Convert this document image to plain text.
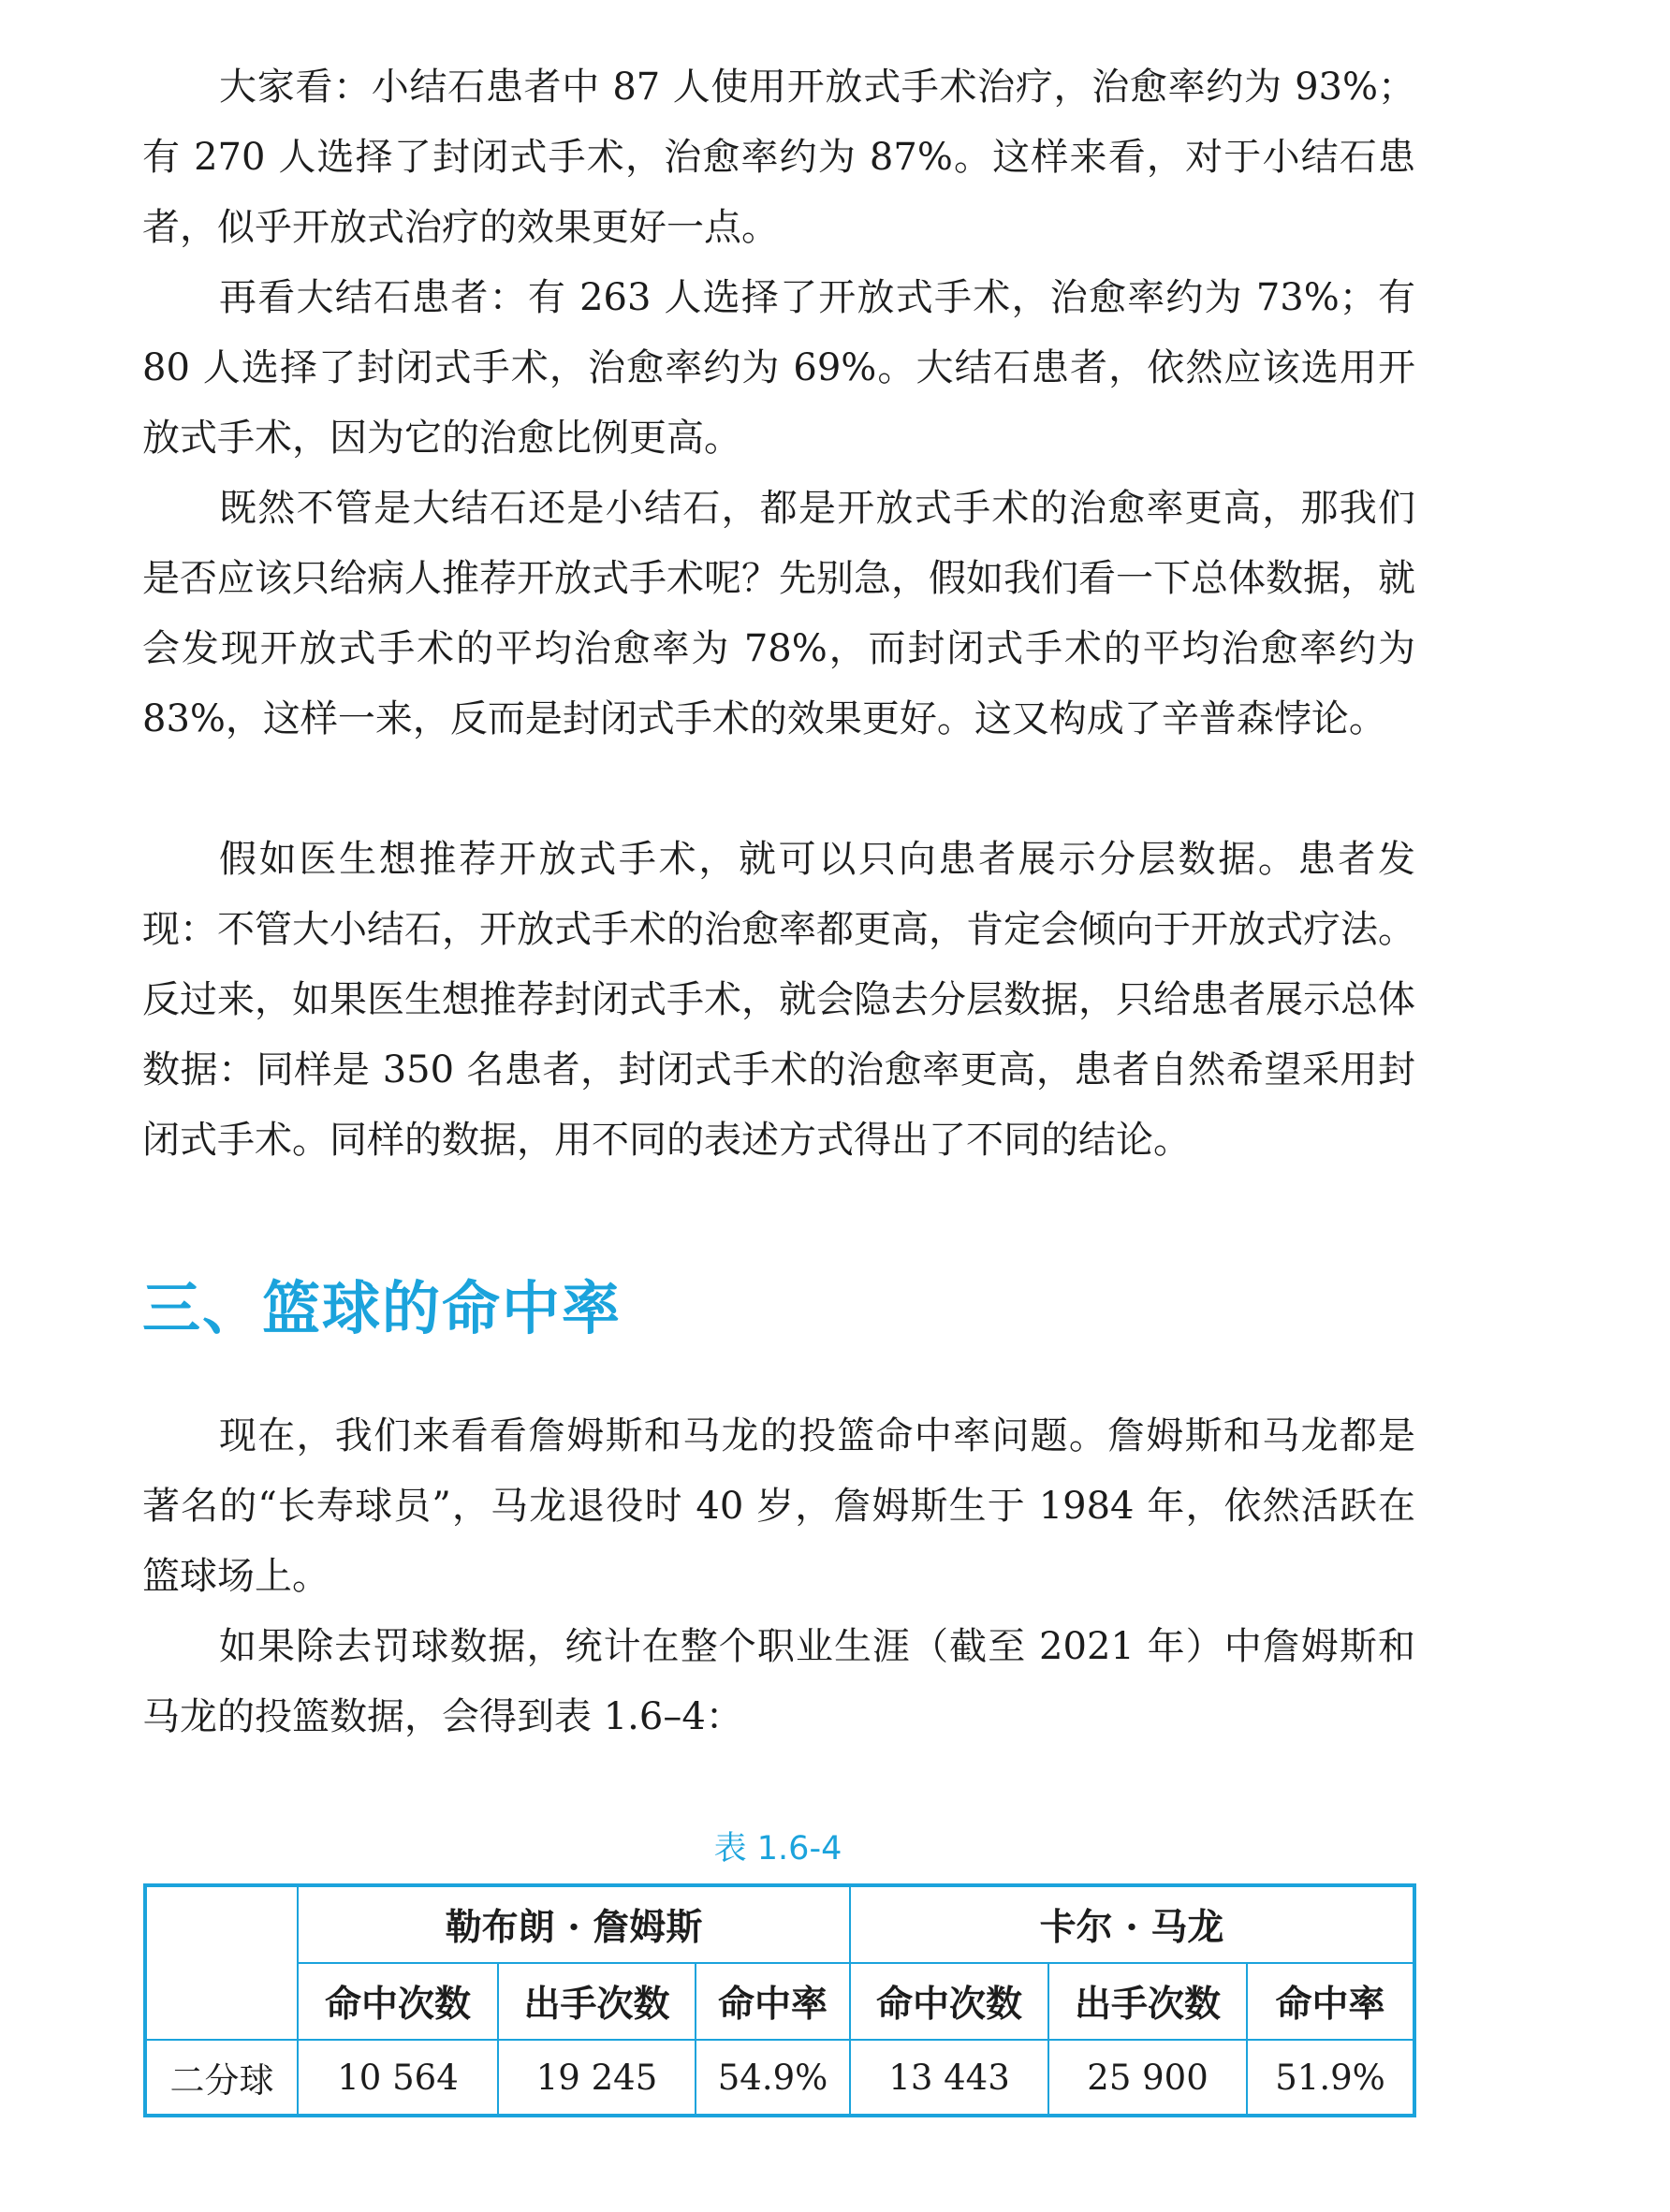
大家看：小结石患者中 87 人使用开放式手术治疗，治愈率约为 93%；有 270 人选择了封闭式手术，治愈率约为 87%。这样来看，对于小结石患者，似乎开放式治疗的效果更好一点。

再看大结石患者：有 263 人选择了开放式手术，治愈率约为 73%；有 80 人选择了封闭式手术，治愈率约为 69%。大结石患者，依然应该选用开放式手术，因为它的治愈比例更高。

既然不管是大结石还是小结石，都是开放式手术的治愈率更高，那我们是否应该只给病人推荐开放式手术呢？先别急，假如我们看一下总体数据，就会发现开放式手术的平均治愈率为 78%，而封闭式手术的平均治愈率约为 83%，这样一来，反而是封闭式手术的效果更好。这又构成了辛普森悖论。

假如医生想推荐开放式手术，就可以只向患者展示分层数据。患者发现：不管大小结石，开放式手术的治愈率都更高，肯定会倾向于开放式疗法。反过来，如果医生想推荐封闭式手术，就会隐去分层数据，只给患者展示总体数据：同样是 350 名患者，封闭式手术的治愈率更高，患者自然希望采用封闭式手术。同样的数据，用不同的表述方式得出了不同的结论。

三、篮球的命中率

现在，我们来看看詹姆斯和马龙的投篮命中率问题。詹姆斯和马龙都是著名的“长寿球员”，马龙退役时 40 岁，詹姆斯生于 1984 年，依然活跃在篮球场上。

如果除去罚球数据，统计在整个职业生涯（截至 2021 年）中詹姆斯和马龙的投篮数据，会得到表 1.6–4：

表 1.6-4
	勒布朗 · 詹姆斯			卡尔 · 马龙		
	命中次数	出手次数	命中率	命中次数	出手次数	命中率
二分球	10 564	19 245	54.9%	13 443	25 900	51.9%
